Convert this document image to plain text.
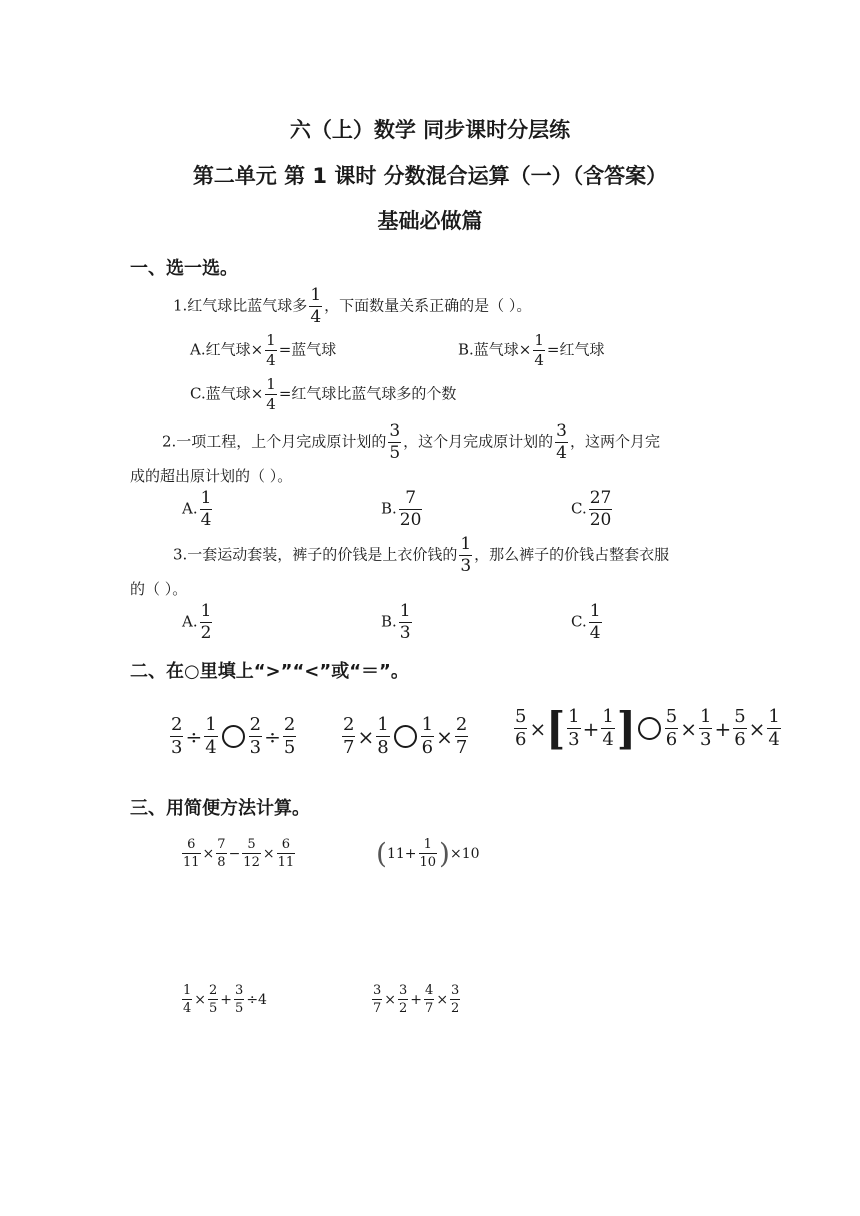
六（上）数学 同步课时分层练
第二单元 第 1 课时 分数混合运算（一）（含答案）
基础必做篇
一、选一选。
1.红气球比蓝气球多 $\frac{1}{4}$ ，下面数量关系正确的是（ ）。
A.红气球× $\frac{1}{4}$ =蓝气球	B.蓝气球× $\frac{1}{4}$ =红气球
C.蓝气球× $\frac{1}{4}$ =红气球比蓝气球多的个数
2.一项工程，上个月完成原计划的 $\frac{3}{5}$ ，这个月完成原计划的 $\frac{3}{4}$ ，这两个月完
成的超出原计划的（ ）。
A. $\frac{1}{4}$	B. $\frac{7}{20}$	C. $\frac{27}{20}$
3.一套运动套装，裤子的价钱是上衣价钱的 $\frac{1}{3}$ ，那么裤子的价钱占整套衣服
的（ ）。
A. $\frac{1}{2}$	B. $\frac{1}{3}$	C. $\frac{1}{4}$
二、在○里填上“>”“<”或“＝”。
$\frac{2}{3} \div \frac{1}{4} \frac{2}{3} \div \frac{2}{5}$	$\frac{2}{7} \times \frac{1}{8} \frac{1}{6} \times \frac{2}{7}$	$\frac{5}{6}$ ×[ $\frac{1}{3} + \frac{1}{4}$ ] $\frac{5}{6} \times \frac{1}{3} + \frac{5}{6} \times \frac{1}{4}$
三、用简便方法计算。
$\frac{6}{11} \times \frac{7}{8} - \frac{5}{12} \times \frac{6}{11}$	$(11+ \frac{1}{10} )\times 10$
$\frac{1}{4} \times \frac{2}{5} + \frac{3}{5} \div 4$	$\frac{3}{7} \times \frac{3}{2} + \frac{4}{7} \times \frac{3}{2}$
